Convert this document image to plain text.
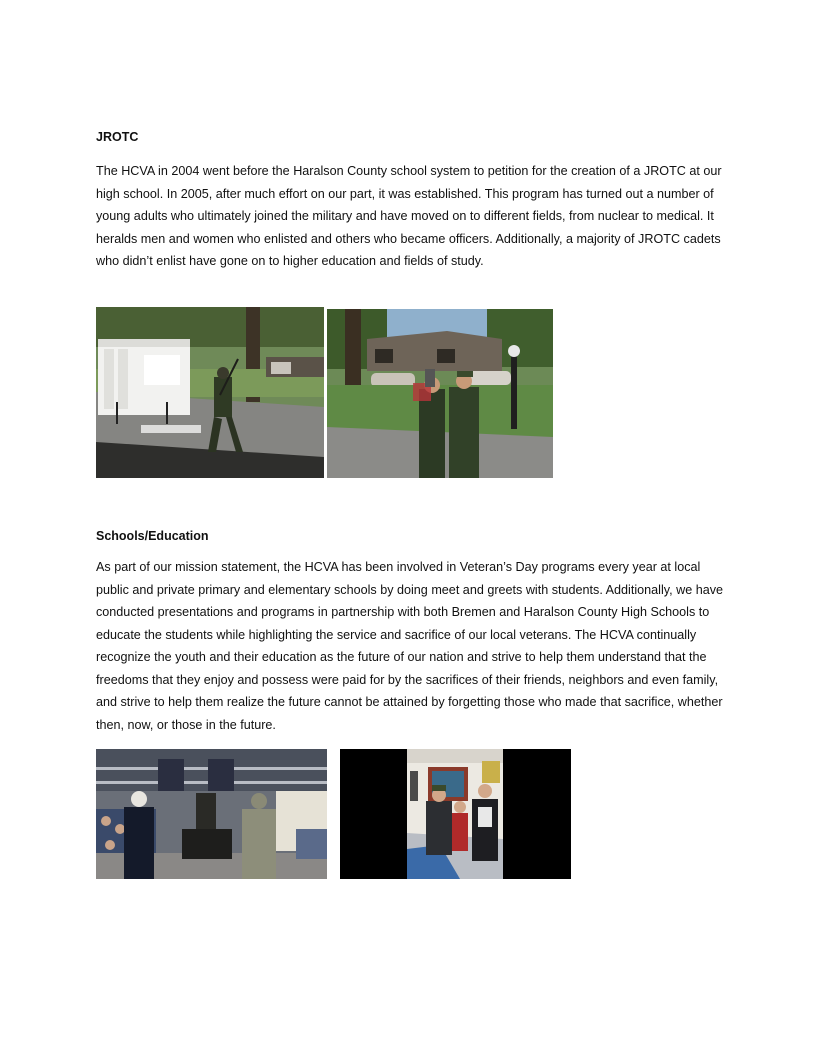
JROTC

The HCVA in 2004 went before the Haralson County school system to petition for the creation of a JROTC at our high school. In 2005, after much effort on our part, it was established. This program has turned out a number of young adults who ultimately joined the military and have moved on to different fields, from nuclear to medical. It heralds men and women who enlisted and others who became officers. Additionally, a majority of JROTC cadets who didn’t enlist have gone on to higher education and fields of study.

Schools/Education

As part of our mission statement, the HCVA has been involved in Veteran’s Day programs every year at local public and private primary and elementary schools by doing meet and greets with students. Additionally, we have conducted presentations and programs in partnership with both Bremen and Haralson County High Schools to educate the students while highlighting the service and sacrifice of our local veterans. The HCVA continually recognize the youth and their education as the future of our nation and strive to help them understand that the freedoms that they enjoy and possess were paid for by the sacrifices of their friends, neighbors and even family, and strive to help them realize the future cannot be attained by forgetting those who made that sacrifice, whether then, now, or those in the future.
